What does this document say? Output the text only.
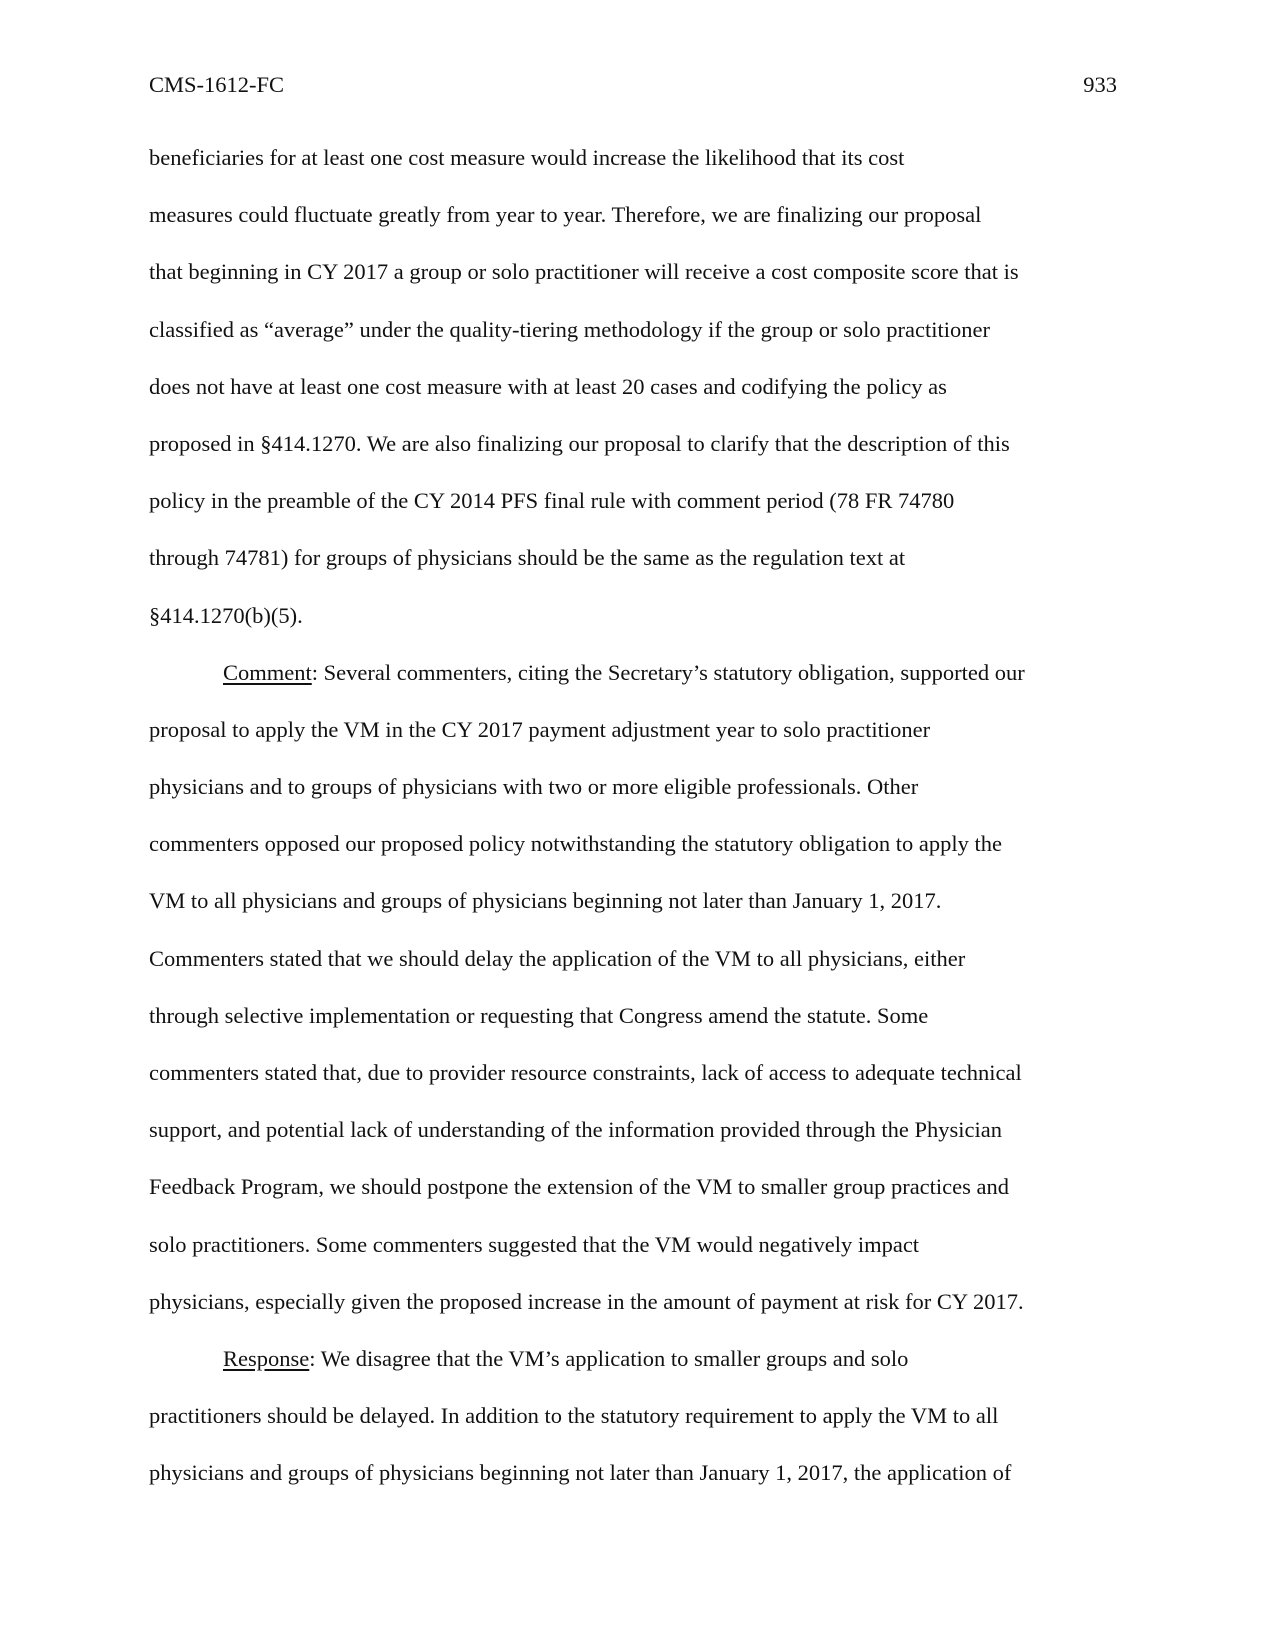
CMS-1612-FC	933
beneficiaries for at least one cost measure would increase the likelihood that its cost
measures could fluctuate greatly from year to year. Therefore, we are finalizing our proposal
that beginning in CY 2017 a group or solo practitioner will receive a cost composite score that is
classified as “average” under the quality-tiering methodology if the group or solo practitioner
does not have at least one cost measure with at least 20 cases and codifying the policy as
proposed in §414.1270. We are also finalizing our proposal to clarify that the description of this
policy in the preamble of the CY 2014 PFS final rule with comment period (78 FR 74780
through 74781) for groups of physicians should be the same as the regulation text at
§414.1270(b)(5).
Comment: Several commenters, citing the Secretary’s statutory obligation, supported our
proposal to apply the VM in the CY 2017 payment adjustment year to solo practitioner
physicians and to groups of physicians with two or more eligible professionals. Other
commenters opposed our proposed policy notwithstanding the statutory obligation to apply the
VM to all physicians and groups of physicians beginning not later than January 1, 2017.
Commenters stated that we should delay the application of the VM to all physicians, either
through selective implementation or requesting that Congress amend the statute. Some
commenters stated that, due to provider resource constraints, lack of access to adequate technical
support, and potential lack of understanding of the information provided through the Physician
Feedback Program, we should postpone the extension of the VM to smaller group practices and
solo practitioners. Some commenters suggested that the VM would negatively impact
physicians, especially given the proposed increase in the amount of payment at risk for CY 2017.
Response: We disagree that the VM’s application to smaller groups and solo
practitioners should be delayed. In addition to the statutory requirement to apply the VM to all
physicians and groups of physicians beginning not later than January 1, 2017, the application of
